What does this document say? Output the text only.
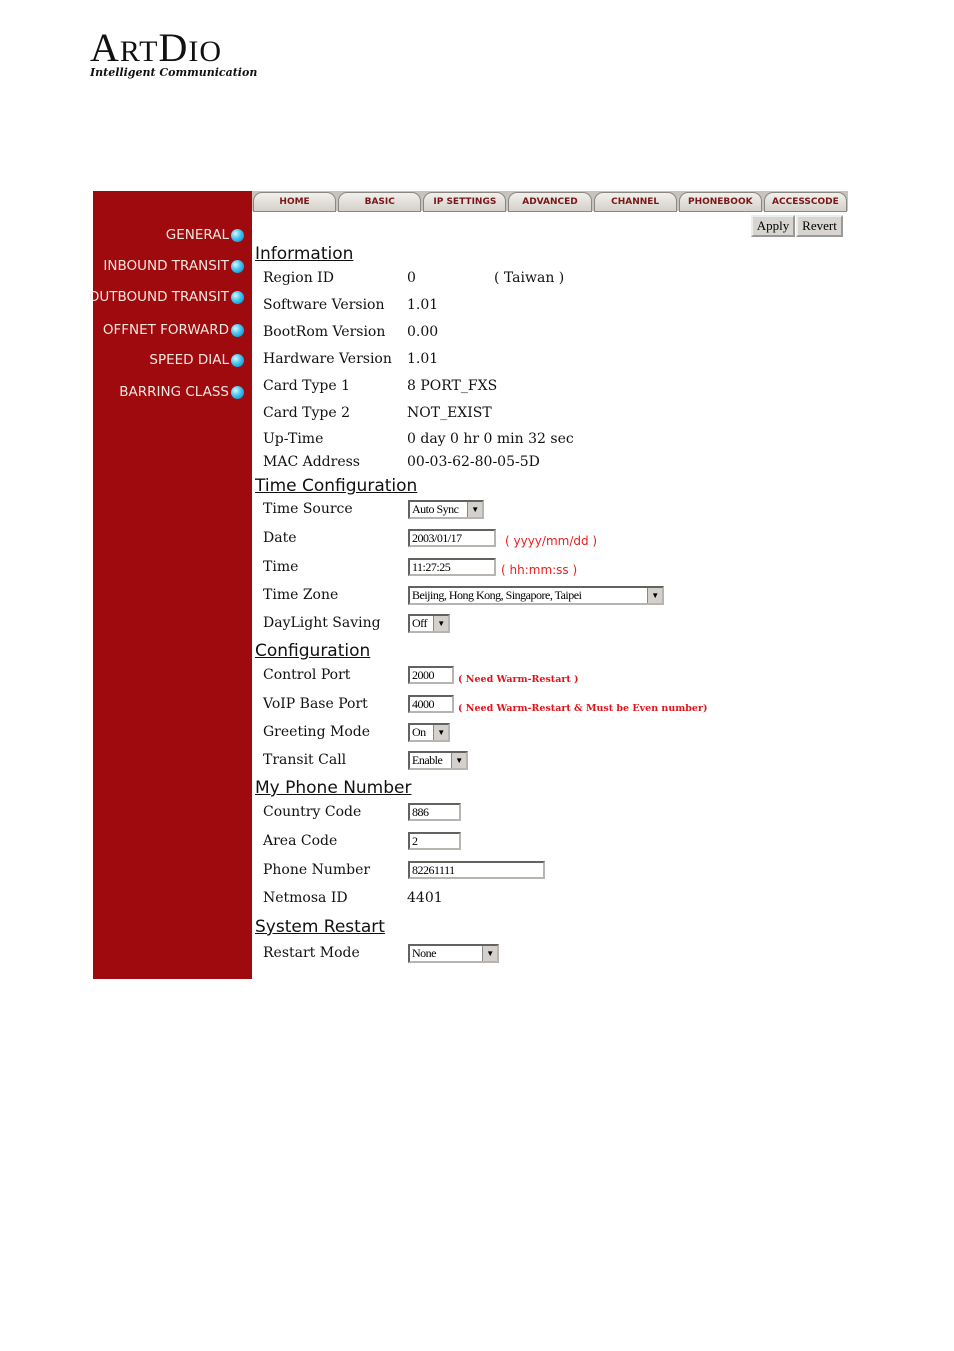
ARTDIO
Intelligent Communication
GENERAL
INBOUND TRANSIT
OUTBOUND TRANSIT
OFFNET FORWARD
SPEED DIAL
BARRING CLASS
HOME	BASIC	IP SETTINGS	ADVANCED	CHANNEL	PHONEBOOK	ACCESSCODE
Apply Revert
Information
Region ID	0	( Taiwan )
Software Version 1.01
BootRom Version 0.00
Hardware Version 1.01
Card Type 1	8 PORT_FXS
Card Type 2	NOT_EXIST
Up-Time	0 day 0 hr 0 min 32 sec
MAC Address	00-03-62-80-05-5D
Time Configuration
Time Source	Auto Sync	▼
Date	2003/01/17	( yyyy/mm/dd )
Time	11:27:25	( hh:mm:ss )
Time Zone	Beijing, Hong Kong, Singapore, Taipei	▼
DayLight Saving	Off	▼
Configuration
Control Port	2000	( Need Warm-Restart )
VoIP Base Port	4000	( Need Warm-Restart & Must be Even number)
Greeting Mode	On	▼
Transit Call	Enable	▼
My Phone Number
Country Code	886
Area Code	2
Phone Number	82261111
Netmosa ID	4401
System Restart
Restart Mode	None	▼
